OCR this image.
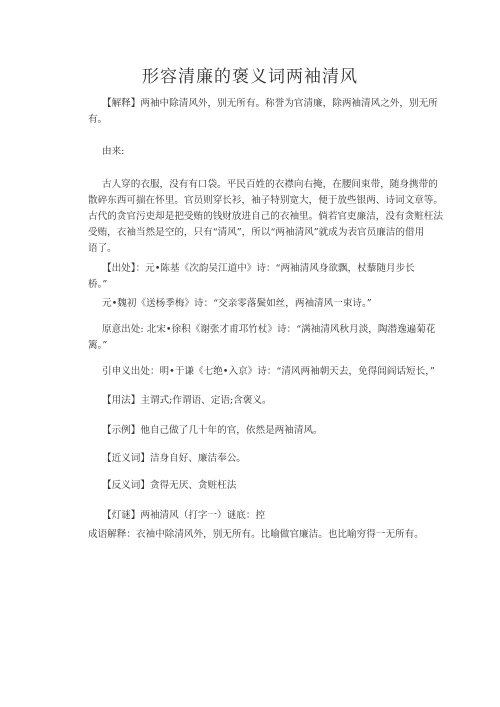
形容清廉的褒义词两袖清风
【解释】两袖中除清风外，别无所有。称誉为官清廉，除两袖清风之外，别无所
有。
由来:
古人穿的衣服，没有有口袋。平民百姓的衣襟向右掩，在腰间束带，随身携带的
散碎东西可揣在怀里。官员则穿长衫，袖子特别宽大，便于放些银两、诗词文章等。
古代的贪官污吏却是把受贿的钱财放进自己的衣袖里。倘若官吏廉洁，没有贪赃枉法
受贿，衣袖当然是空的，只有“清风”，所以“两袖清风”就成为表官员廉洁的借用
语了。
【出处】：元•陈基《次韵吴江道中》诗：“两袖清风身欲飘，杖藜随月步长
桥。”
元•魏初《送杨季梅》诗：“交亲零落鬓如丝，两袖清风一束诗。”
原意出处: 北宋•徐积《谢张才甫邛竹杖》诗：“满袖清风秋月淡，陶潜逸遍菊花
篱。”
引申义出处：明•于谦《七绝•入京》诗：“清风两袖朝天去，免得闾阎话短长，”
【用法】主谓式;作谓语、定语;含褒义。
【示例】他自己做了几十年的官，依然是两袖清风。
【近义词】洁身自好、廉洁奉公。
【反义词】贪得无厌、贪赃枉法
【灯谜】两袖清风（打字一）谜底：控
成语解释：衣袖中除清风外，别无所有。比喻做官廉洁。也比喻穷得一无所有。
